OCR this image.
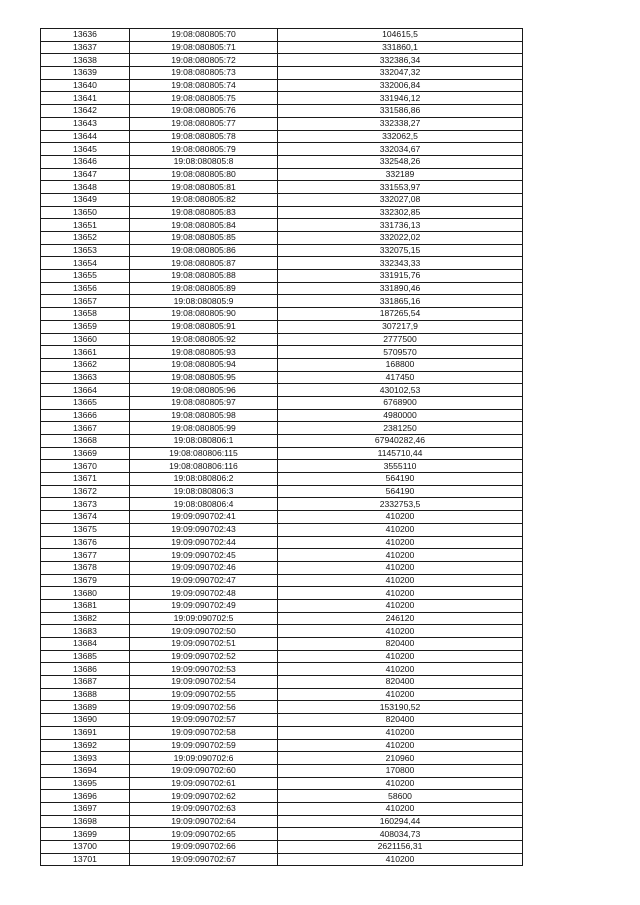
13636	19:08:080805:70	104615,5
13637	19:08:080805:71	331860,1
13638	19:08:080805:72	332386,34
13639	19:08:080805:73	332047,32
13640	19:08:080805:74	332006,84
13641	19:08:080805:75	331946,12
13642	19:08:080805:76	331586,86
13643	19:08:080805:77	332338,27
13644	19:08:080805:78	332062,5
13645	19:08:080805:79	332034,67
13646	19:08:080805:8	332548,26
13647	19:08:080805:80	332189
13648	19:08:080805:81	331553,97
13649	19:08:080805:82	332027,08
13650	19:08:080805:83	332302,85
13651	19:08:080805:84	331736,13
13652	19:08:080805:85	332022,02
13653	19:08:080805:86	332075,15
13654	19:08:080805:87	332343,33
13655	19:08:080805:88	331915,76
13656	19:08:080805:89	331890,46
13657	19:08:080805:9	331865,16
13658	19:08:080805:90	187265,54
13659	19:08:080805:91	307217,9
13660	19:08:080805:92	2777500
13661	19:08:080805:93	5709570
13662	19:08:080805:94	168800
13663	19:08:080805:95	417450
13664	19:08:080805:96	430102,53
13665	19:08:080805:97	6768900
13666	19:08:080805:98	4980000
13667	19:08:080805:99	2381250
13668	19:08:080806:1	67940282,46
13669	19:08:080806:115	1145710,44
13670	19:08:080806:116	3555110
13671	19:08:080806:2	564190
13672	19:08:080806:3	564190
13673	19:08:080806:4	2332753,5
13674	19:09:090702:41	410200
13675	19:09:090702:43	410200
13676	19:09:090702:44	410200
13677	19:09:090702:45	410200
13678	19:09:090702:46	410200
13679	19:09:090702:47	410200
13680	19:09:090702:48	410200
13681	19:09:090702:49	410200
13682	19:09:090702:5	246120
13683	19:09:090702:50	410200
13684	19:09:090702:51	820400
13685	19:09:090702:52	410200
13686	19:09:090702:53	410200
13687	19:09:090702:54	820400
13688	19:09:090702:55	410200
13689	19:09:090702:56	153190,52
13690	19:09:090702:57	820400
13691	19:09:090702:58	410200
13692	19:09:090702:59	410200
13693	19:09:090702:6	210960
13694	19:09:090702:60	170800
13695	19:09:090702:61	410200
13696	19:09:090702:62	58600
13697	19:09:090702:63	410200
13698	19:09:090702:64	160294,44
13699	19:09:090702:65	408034,73
13700	19:09:090702:66	2621156,31
13701	19:09:090702:67	410200
